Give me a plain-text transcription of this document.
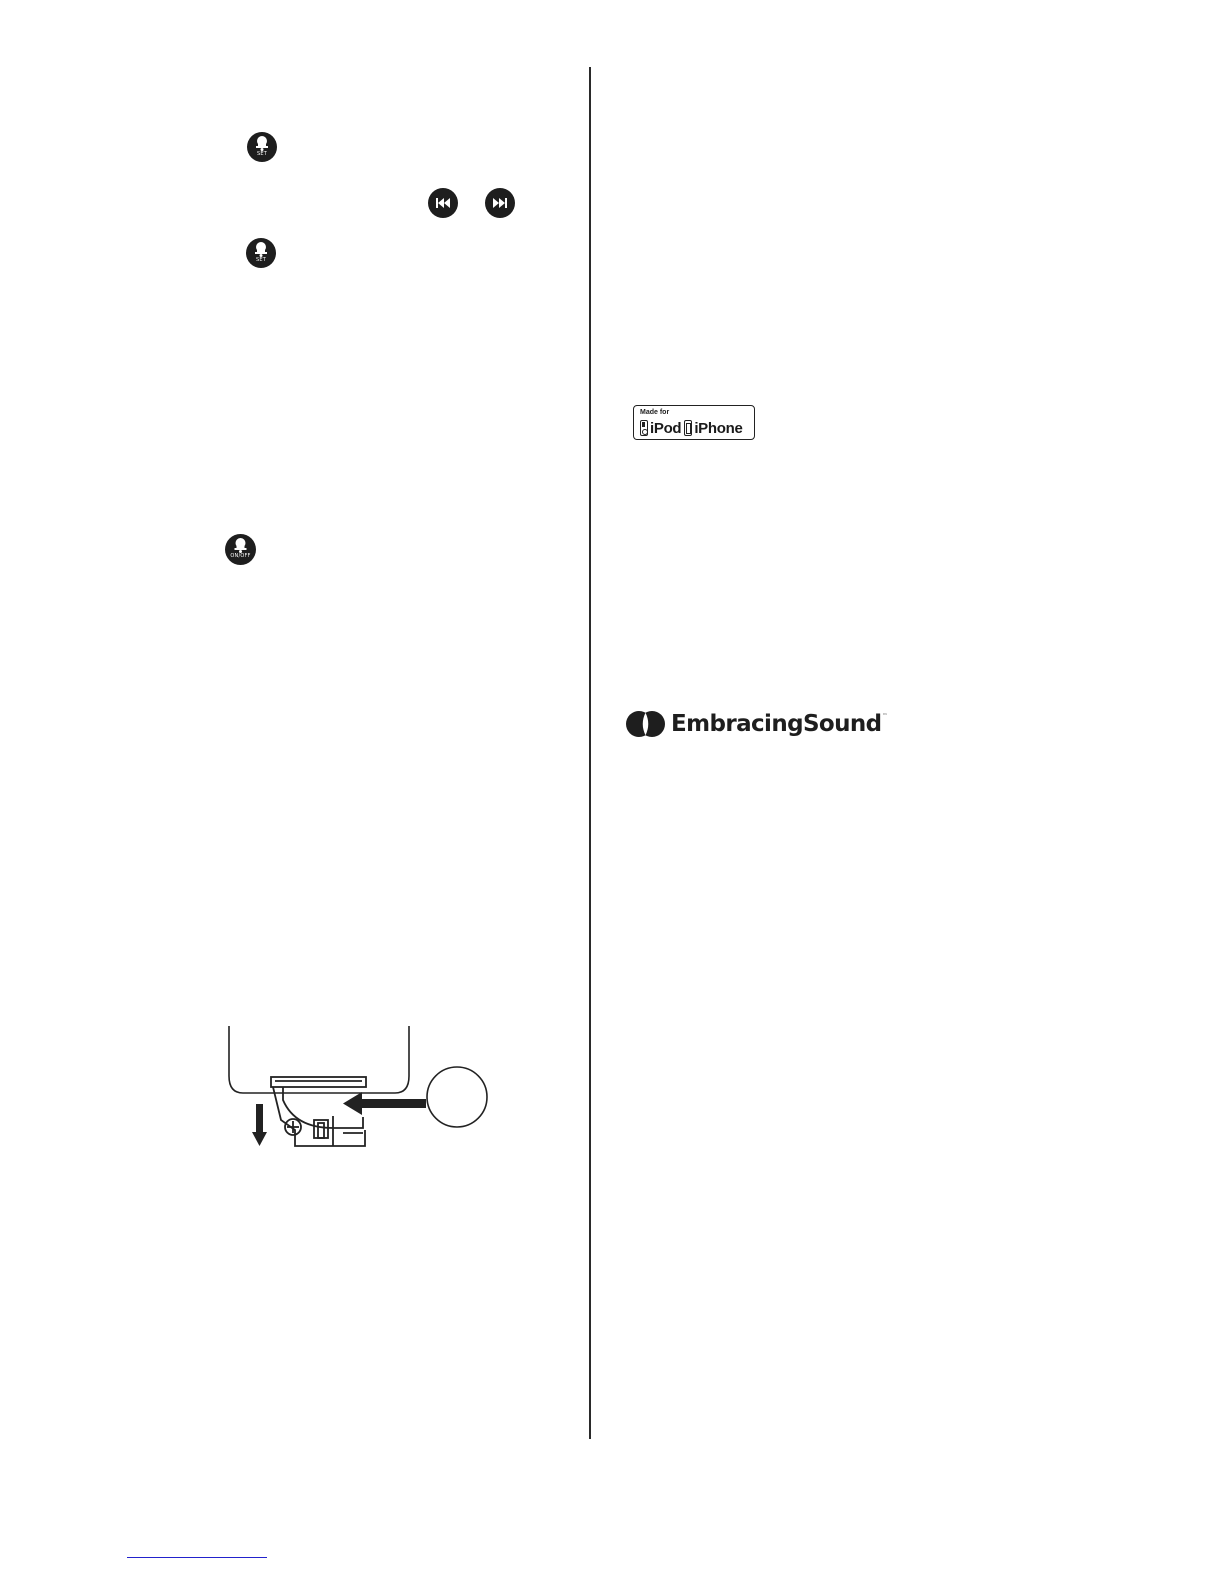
SET
SET
ON/OFF
Made for
iPod iPhone
EmbracingSound ™
